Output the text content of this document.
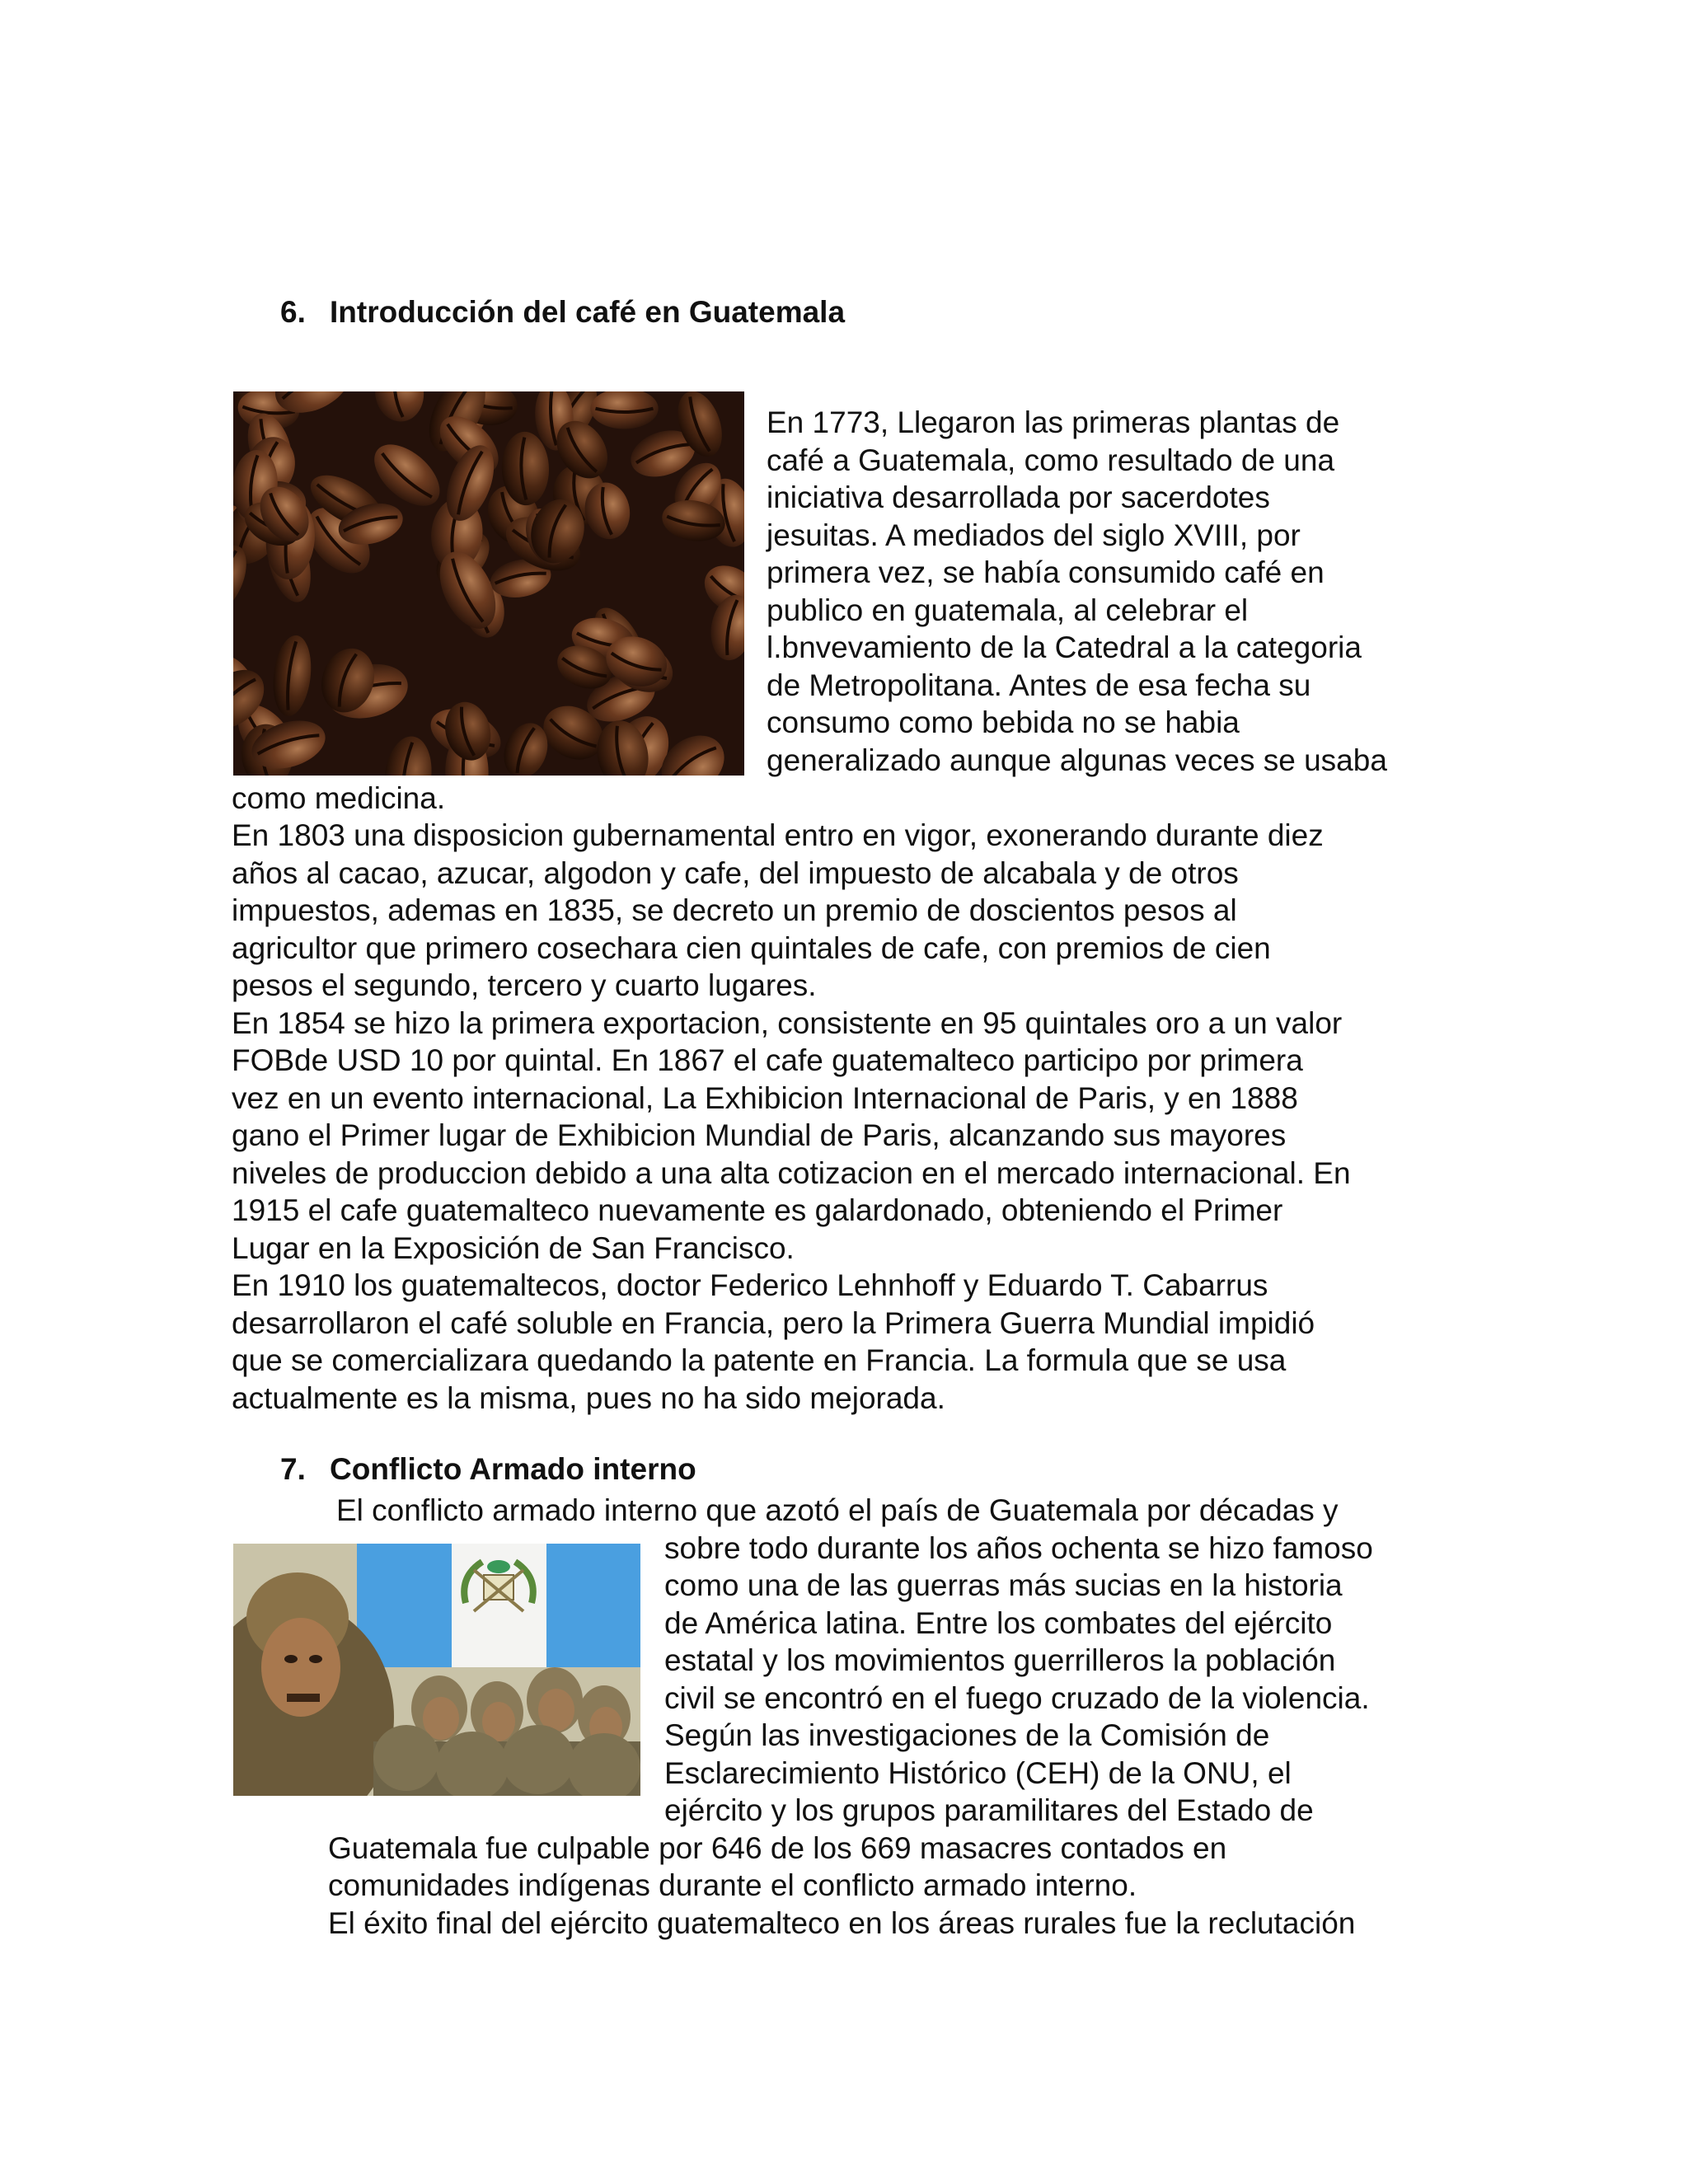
6. Introducción del café en Guatemala

En 1773, Llegaron las primeras plantas de

café a Guatemala, como resultado de una

iniciativa desarrollada por sacerdotes

jesuitas. A mediados del siglo XVIII, por

primera vez, se había consumido café en

publico en guatemala, al celebrar el

l.bnvevamiento de la Catedral a la categoria

de Metropolitana. Antes de esa fecha su

consumo como bebida no se habia

generalizado aunque algunas veces se usaba

como medicina.

En 1803 una disposicion gubernamental entro en vigor, exonerando durante diez

años al cacao, azucar, algodon y cafe, del impuesto de alcabala y de otros

impuestos, ademas en 1835, se decreto un premio de doscientos pesos al

agricultor que primero cosechara cien quintales de cafe, con premios de cien

pesos el segundo, tercero y cuarto lugares.

En 1854 se hizo la primera exportacion, consistente en 95 quintales oro a un valor

FOBde USD 10 por quintal. En 1867 el cafe guatemalteco participo por primera

vez en un evento internacional, La Exhibicion Internacional de Paris, y en 1888

gano el Primer lugar de Exhibicion Mundial de Paris, alcanzando sus mayores

niveles de produccion debido a una alta cotizacion en el mercado internacional. En

1915 el cafe guatemalteco nuevamente es galardonado, obteniendo el Primer

Lugar en la Exposición de San Francisco.

En 1910 los guatemaltecos, doctor Federico Lehnhoff y Eduardo T. Cabarrus

desarrollaron el café soluble en Francia, pero la Primera Guerra Mundial impidió

que se comercializara quedando la patente en Francia. La formula que se usa

actualmente es la misma, pues no ha sido mejorada.

7. Conflicto Armado interno

El conflicto armado interno que azotó el país de Guatemala por décadas y

sobre todo durante los años ochenta se hizo famoso

como una de las guerras más sucias en la historia

de América latina. Entre los combates del ejército

estatal y los movimientos guerrilleros la población

civil se encontró en el fuego cruzado de la violencia.

Según las investigaciones de la Comisión de

Esclarecimiento Histórico (CEH) de la ONU, el

ejército y los grupos paramilitares del Estado de

Guatemala fue culpable por 646 de los 669 masacres contados en

comunidades indígenas durante el conflicto armado interno.

El éxito final del ejército guatemalteco en los áreas rurales fue la reclutación
